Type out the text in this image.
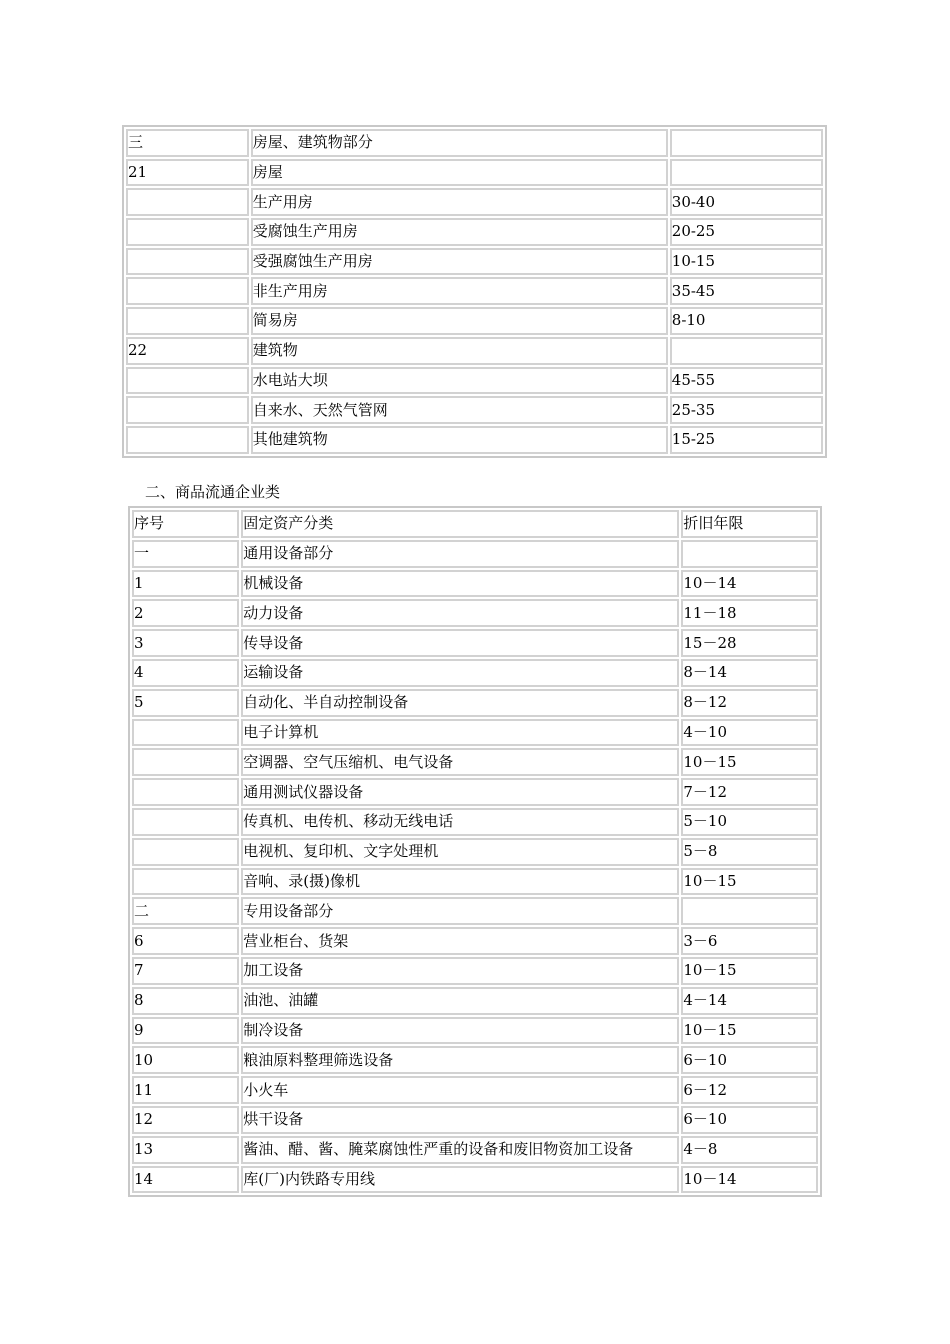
三	房屋、建筑物部分	
21	房屋	
	生产用房	30-40
	受腐蚀生产用房	20-25
	受强腐蚀生产用房	10-15
	非生产用房	35-45
	简易房	8-10
22	建筑物	
	水电站大坝	45-55
	自来水、天然气管网	25-35
	其他建筑物	15-25
二、商品流通企业类
序号	固定资产分类	折旧年限
一	通用设备部分	
1	机械设备	10－14
2	动力设备	11－18
3	传导设备	15－28
4	运输设备	8－14
5	自动化、半自动控制设备	8－12
	电子计算机	4－10
	空调器、空气压缩机、电气设备	10－15
	通用测试仪器设备	7－12
	传真机、电传机、移动无线电话	5－10
	电视机、复印机、文字处理机	5－8
	音响、录(摄)像机	10－15
二	专用设备部分	
6	营业柜台、货架	3－6
7	加工设备	10－15
8	油池、油罐	4－14
9	制冷设备	10－15
10	粮油原料整理筛选设备	6－10
11	小火车	6－12
12	烘干设备	6－10
13	酱油、醋、酱、腌菜腐蚀性严重的设备和废旧物资加工设备	4－8
14	库(厂)内铁路专用线	10－14
